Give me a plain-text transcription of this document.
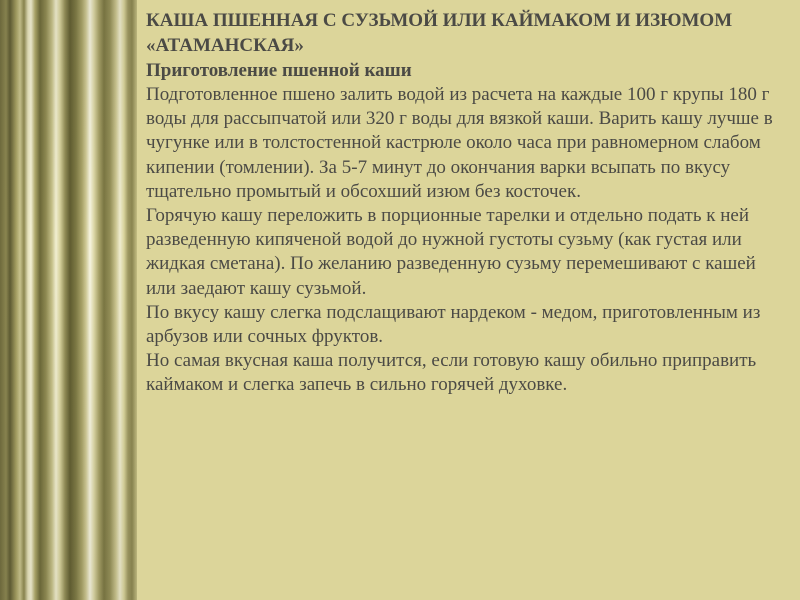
КАША ПШЕННАЯ С СУЗЬМОЙ ИЛИ КАЙМАКОМ И ИЗЮМОМ «АТАМАНСКАЯ»

Приготовление пшенной каши

Подготовленное пшено залить водой из расчета на каждые 100 г крупы 180 г воды для рассыпчатой или 320 г воды для вязкой каши. Варить кашу лучше в чугунке или в толстостенной кастрюле около часа при равномерном слабом кипении (томлении). За 5-7 минут до окончания варки всыпать по вкусу тщательно промытый и обсохший изюм без косточек.

Горячую кашу переложить в порционные тарелки и отдельно подать к ней разведенную кипяченой водой до нужной густоты сузьму (как густая или жидкая сметана). По желанию разведенную сузьму перемешивают с кашей или заедают кашу сузьмой.

По вкусу кашу слегка подслащивают нардеком - медом, приготовленным из арбузов или сочных фруктов.

Но самая вкусная каша получится, если готовую кашу обильно приправить каймаком и слегка запечь в сильно горячей духовке.
